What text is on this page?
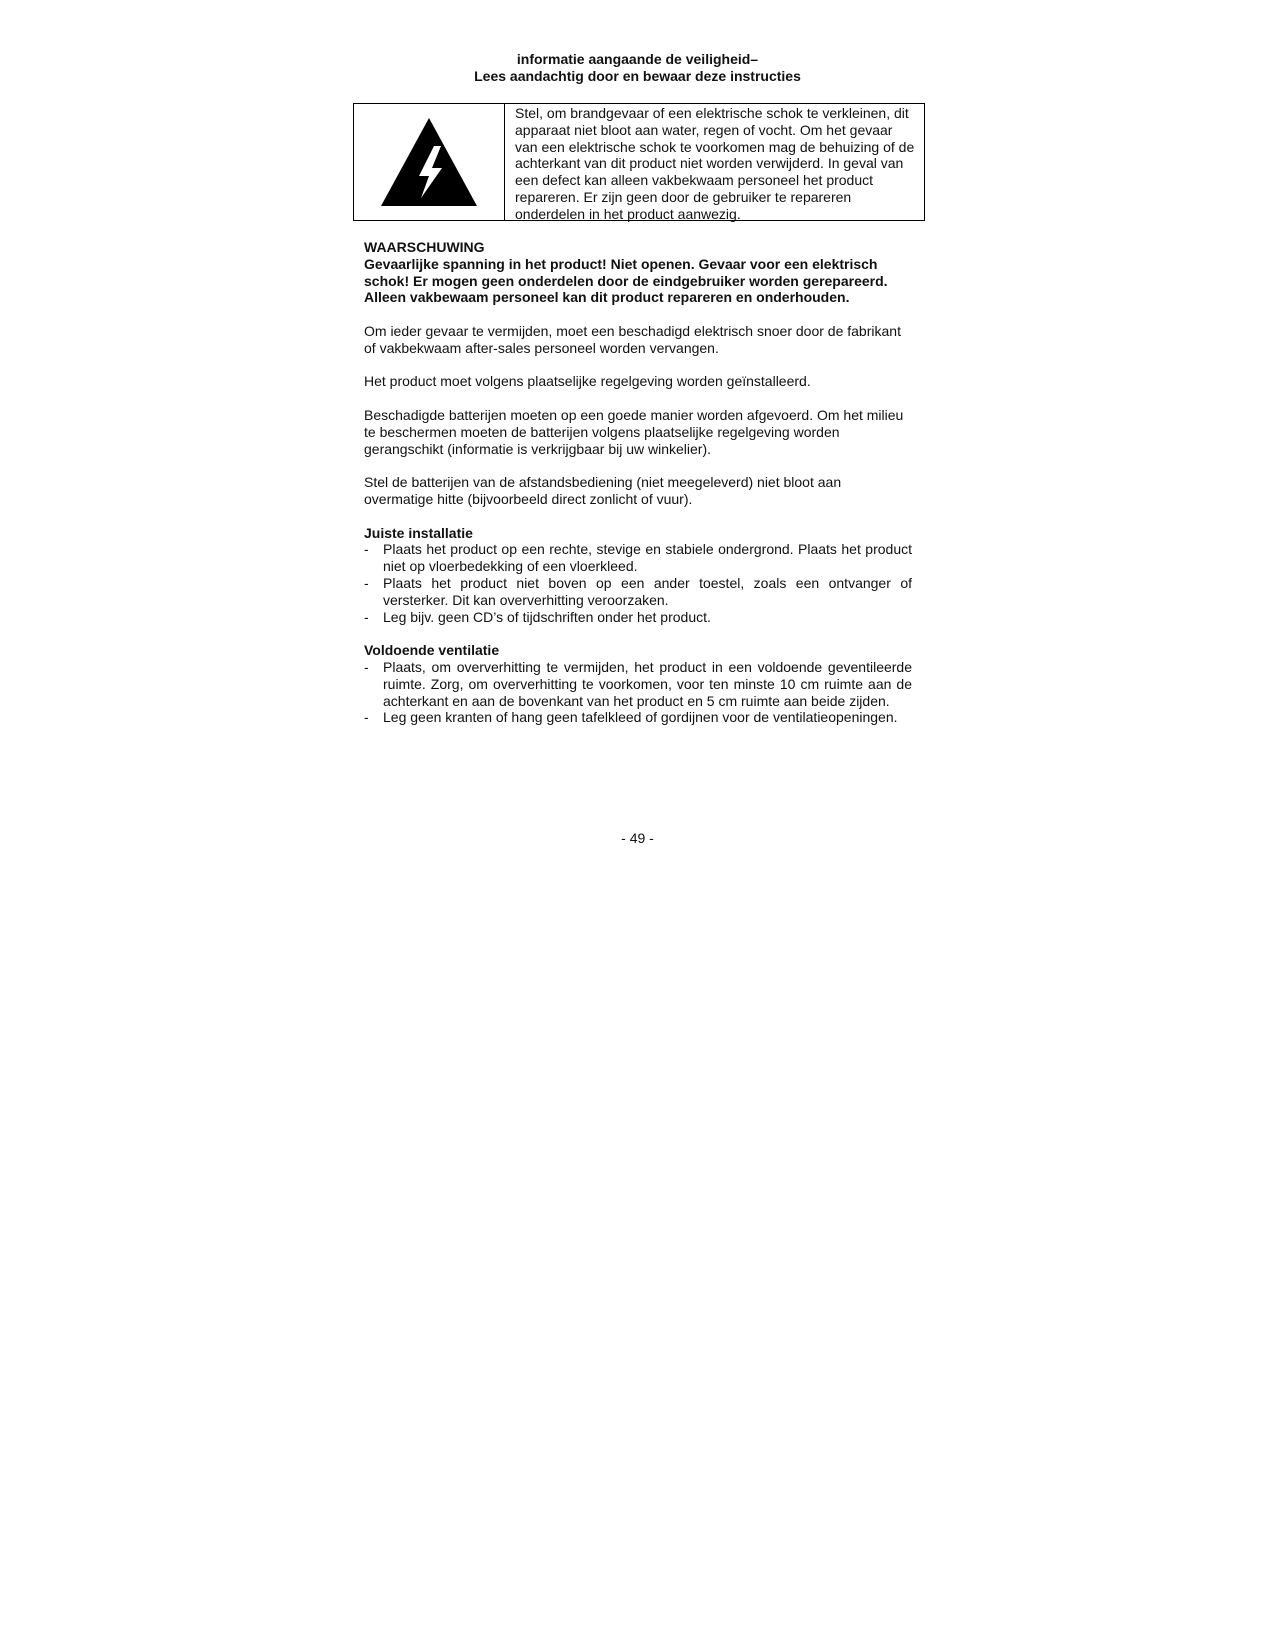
informatie aangaande de veiligheid–
Lees aandachtig door en bewaar deze instructies
Stel, om brandgevaar of een elektrische schok te verkleinen, dit apparaat niet bloot aan water, regen of vocht. Om het gevaar van een elektrische schok te voorkomen mag de behuizing of de achterkant van dit product niet worden verwijderd. In geval van een defect kan alleen vakbekwaam personeel het product repareren. Er zijn geen door de gebruiker te repareren onderdelen in het product aanwezig.

WAARSCHUWING

Gevaarlijke spanning in het product! Niet openen. Gevaar voor een elektrisch schok! Er mogen geen onderdelen door de eindgebruiker worden gerepareerd. Alleen vakbewaam personeel kan dit product repareren en onderhouden.

Om ieder gevaar te vermijden, moet een beschadigd elektrisch snoer door de fabrikant of vakbekwaam after-sales personeel worden vervangen.

Het product moet volgens plaatselijke regelgeving worden geïnstalleerd.

Beschadigde batterijen moeten op een goede manier worden afgevoerd. Om het milieu te beschermen moeten de batterijen volgens plaatselijke regelgeving worden gerangschikt (informatie is verkrijgbaar bij uw winkelier).

Stel de batterijen van de afstandsbediening (niet meegeleverd) niet bloot aan overmatige hitte (bijvoorbeeld direct zonlicht of vuur).

Juiste installatie

- Plaats het product op een rechte, stevige en stabiele ondergrond. Plaats het product niet op vloerbedekking of een vloerkleed.
- Plaats het product niet boven op een ander toestel, zoals een ontvanger of versterker. Dit kan oververhitting veroorzaken.
- Leg bijv. geen CD’s of tijdschriften onder het product.

Voldoende ventilatie

- Plaats, om oververhitting te vermijden, het product in een voldoende geventileerde ruimte. Zorg, om oververhitting te voorkomen, voor ten minste 10 cm ruimte aan de achterkant en aan de bovenkant van het product en 5 cm ruimte aan beide zijden.
- Leg geen kranten of hang geen tafelkleed of gordijnen voor de ventilatieopeningen.
- 49 -
